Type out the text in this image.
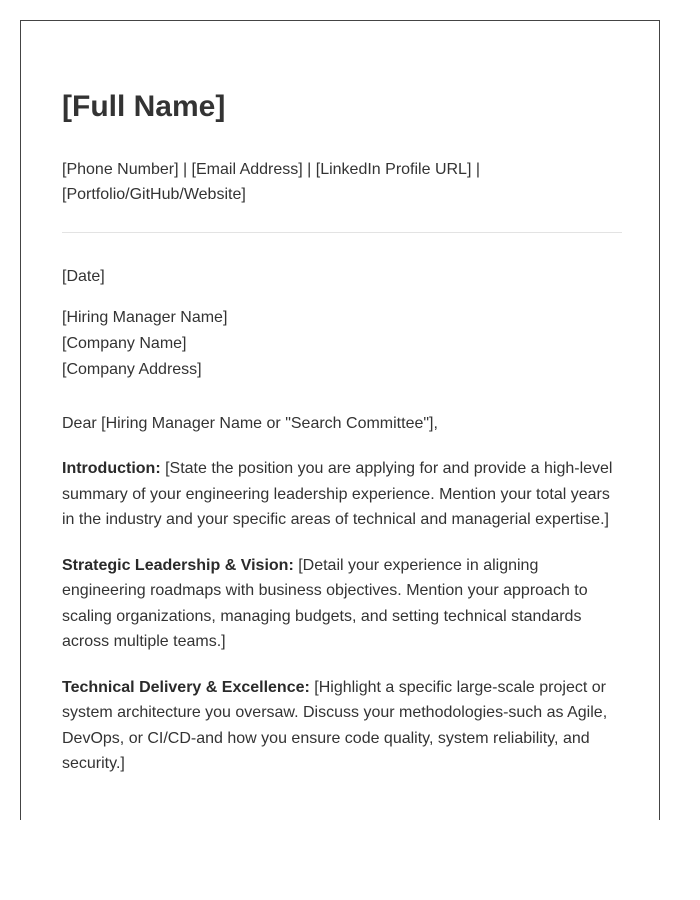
[Full Name]
[Phone Number] | [Email Address] | [LinkedIn Profile URL] |
[Portfolio/GitHub/Website]
[Date]
[Hiring Manager Name]
[Company Name]
[Company Address]
Dear [Hiring Manager Name or "Search Committee"],

Introduction: [State the position you are applying for and provide a high-level summary of your engineering leadership experience. Mention your total years in the industry and your specific areas of technical and managerial expertise.]

Strategic Leadership & Vision: [Detail your experience in aligning engineering roadmaps with business objectives. Mention your approach to scaling organizations, managing budgets, and setting technical standards across multiple teams.]

Technical Delivery & Excellence: [Highlight a specific large-scale project or system architecture you oversaw. Discuss your methodologies-such as Agile, DevOps, or CI/CD-and how you ensure code quality, system reliability, and security.]
